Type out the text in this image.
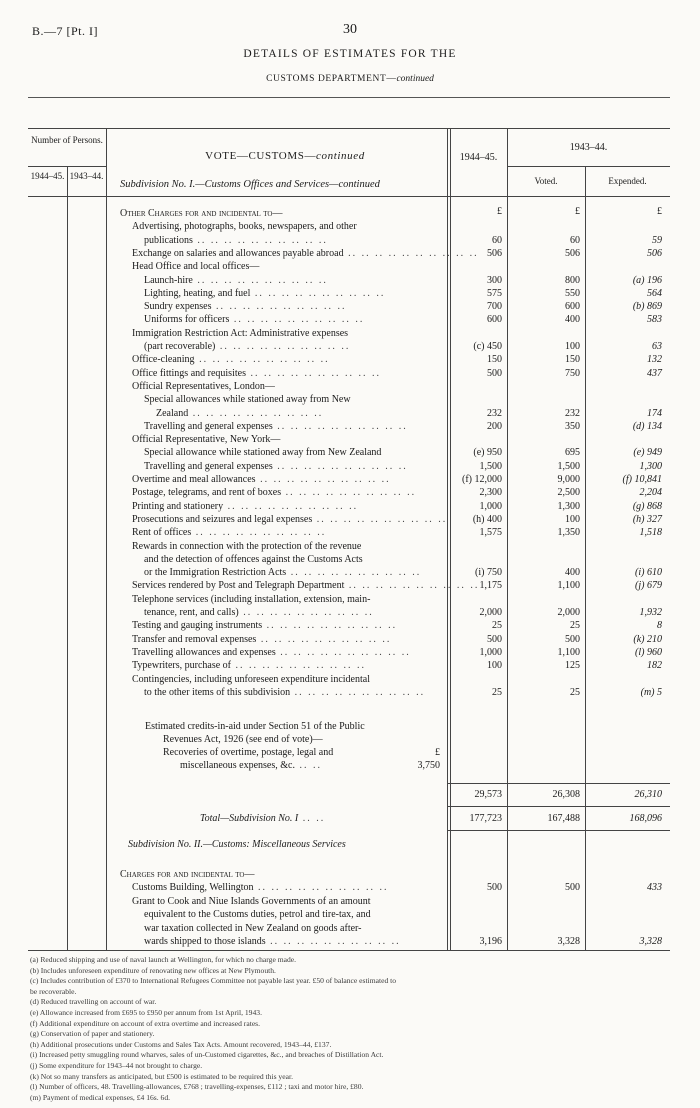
B.—7 [Pt. I]	30
DETAILS OF ESTIMATES FOR THE
CUSTOMS DEPARTMENT—continued
Number of Persons.
1944–45. 1943–44.
VOTE—CUSTOMS—continued	1944–45.
1943–44.
Voted.	Expended.
Subdivision No. I.—Customs Offices and Services—continued
Other Charges for and incidental to—
Advertising, photographs, books, newspapers, and other
publications .. .. .. .. .. .. .. .. .. ..	60	60	59
Exchange on salaries and allowances payable abroad .. .. .. .. .. .. .. .. .. .. 506	506	506
Head Office and local offices—
Launch-hire .. .. .. .. .. .. .. .. .. ..	300	800	(a) 196
Lighting, heating, and fuel .. .. .. .. .. .. .. .. .. ..	575	550	564
Sundry expenses .. .. .. .. .. .. .. .. .. ..	700	600	(b) 869
Uniforms for officers .. .. .. .. .. .. .. .. .. ..	600	400	583
Immigration Restriction Act: Administrative expenses
(part recoverable) .. .. .. .. .. .. .. .. .. ..	(c) 450	100	63
Office-cleaning .. .. .. .. .. .. .. .. .. ..	150	150	132
Office fittings and requisites .. .. .. .. .. .. .. .. .. ..	500	750	437
Official Representatives, London—
Special allowances while stationed away from New
Zealand .. .. .. .. .. .. .. .. .. ..	232	232	174
Travelling and general expenses .. .. .. .. .. .. .. .. .. ..	200	350	(d) 134
Official Representative, New York—
Special allowance while stationed away from New Zealand	(e) 950	695	(e) 949
Travelling and general expenses .. .. .. .. .. .. .. .. .. ..	1,500	1,500	1,300
Overtime and meal allowances .. .. .. .. .. .. .. .. .. ..	(f) 12,000	9,000	(f) 10,841
Postage, telegrams, and rent of boxes .. .. .. .. .. .. .. .. .. ..	2,300	2,500	2,204
Printing and stationery .. .. .. .. .. .. .. .. .. ..	1,000	1,300	(g) 868
Prosecutions and seizures and legal expenses .. .. .. .. .. .. .. .. .. ..	(h) 400	100	(h) 327
Rent of offices .. .. .. .. .. .. .. .. .. ..	1,575	1,350	1,518
Rewards in connection with the protection of the revenue
and the detection of offences against the Customs Acts
or the Immigration Restriction Acts .. .. .. .. .. .. .. .. .. ..	(i) 750	400	(i) 610
Services rendered by Post and Telegraph Department .. .. .. .. .. .. .. .. .. .. 1,175	1,100	(j) 679
Telephone services (including installation, extension, main-
tenance, rent, and calls) .. .. .. .. .. .. .. .. .. ..	2,000	2,000	1,932
Testing and gauging instruments .. .. .. .. .. .. .. .. .. ..	25	25	8
Transfer and removal expenses .. .. .. .. .. .. .. .. .. ..	500	500	(k) 210
Travelling allowances and expenses .. .. .. .. .. .. .. .. .. ..	1,000	1,100	(l) 960
Typewriters, purchase of .. .. .. .. .. .. .. .. .. ..	100	125	182
Contingencies, including unforeseen expenditure incidental
to the other items of this subdivision .. .. .. .. .. .. .. .. .. ..	25	25	(m) 5
£	£	£
Estimated credits-in-aid under Section 51 of the Public
Revenues Act, 1926 (see end of vote)—
Recoveries of overtime, postage, legal and	£
miscellaneous expenses, &c. .. ..	3,750
29,573	26,308	26,310
Total—Subdivision No. I .. ..	177,723	167,488	168,096
Subdivision No. II.—Customs: Miscellaneous Services
Charges for and incidental to—
Customs Building, Wellington .. .. .. .. .. .. .. .. .. ..	500	500	433
Grant to Cook and Niue Islands Governments of an amount
equivalent to the Customs duties, petrol and tire-tax, and
war taxation collected in New Zealand on goods after-
wards shipped to those islands .. .. .. .. .. .. .. .. .. ..	3,196	3,328	3,328
(a) Reduced shipping and use of naval launch at Wellington, for which no charge made.
(b) Includes unforeseen expenditure of renovating new offices at New Plymouth.
(c) Includes contribution of £370 to International Refugees Committee not payable last year. £50 of balance estimated to
be recoverable.
(d) Reduced travelling on account of war.
(e) Allowance increased from £695 to £950 per annum from 1st April, 1943.
(f) Additional expenditure on account of extra overtime and increased rates.
(g) Conservation of paper and stationery.
(h) Additional prosecutions under Customs and Sales Tax Acts. Amount recovered, 1943–44, £137.
(i) Increased petty smuggling round wharves, sales of un-Customed cigarettes, &c., and breaches of Distillation Act.
(j) Some expenditure for 1943–44 not brought to charge.
(k) Not so many transfers as anticipated, but £500 is estimated to be required this year.
(l) Number of officers, 48. Travelling-allowances, £768 ; travelling-expenses, £112 ; taxi and motor hire, £80.
(m) Payment of medical expenses, £4 16s. 6d.
